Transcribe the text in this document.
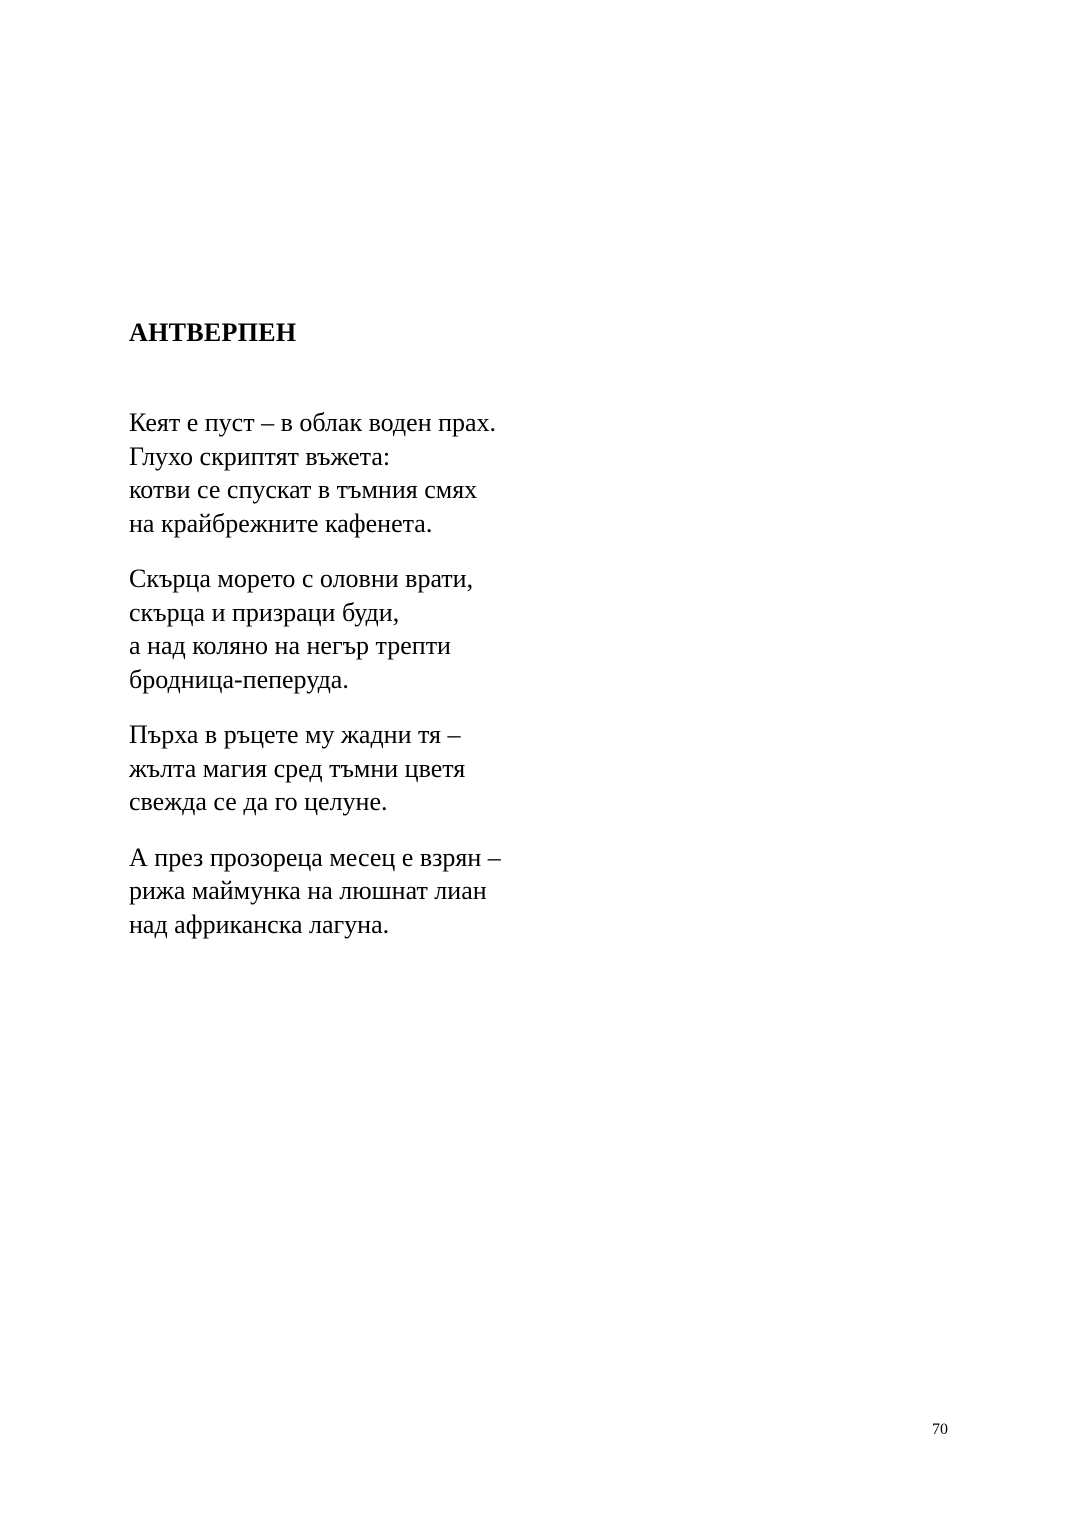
АНТВЕРПЕН
Кеят е пуст – в облак воден прах.
Глухо скриптят въжета:
котви се спускат в тъмния смях
на крайбрежните кафенета.
Скърца морето с оловни врати,
скърца и призраци буди,
а над коляно на негър трепти
бродница-пеперуда.
Пърха в ръцете му жадни тя –
жълта магия сред тъмни цветя
свежда се да го целуне.
А през прозореца месец е взрян –
рижа маймунка на люшнат лиан
над африканска лагуна.
70
